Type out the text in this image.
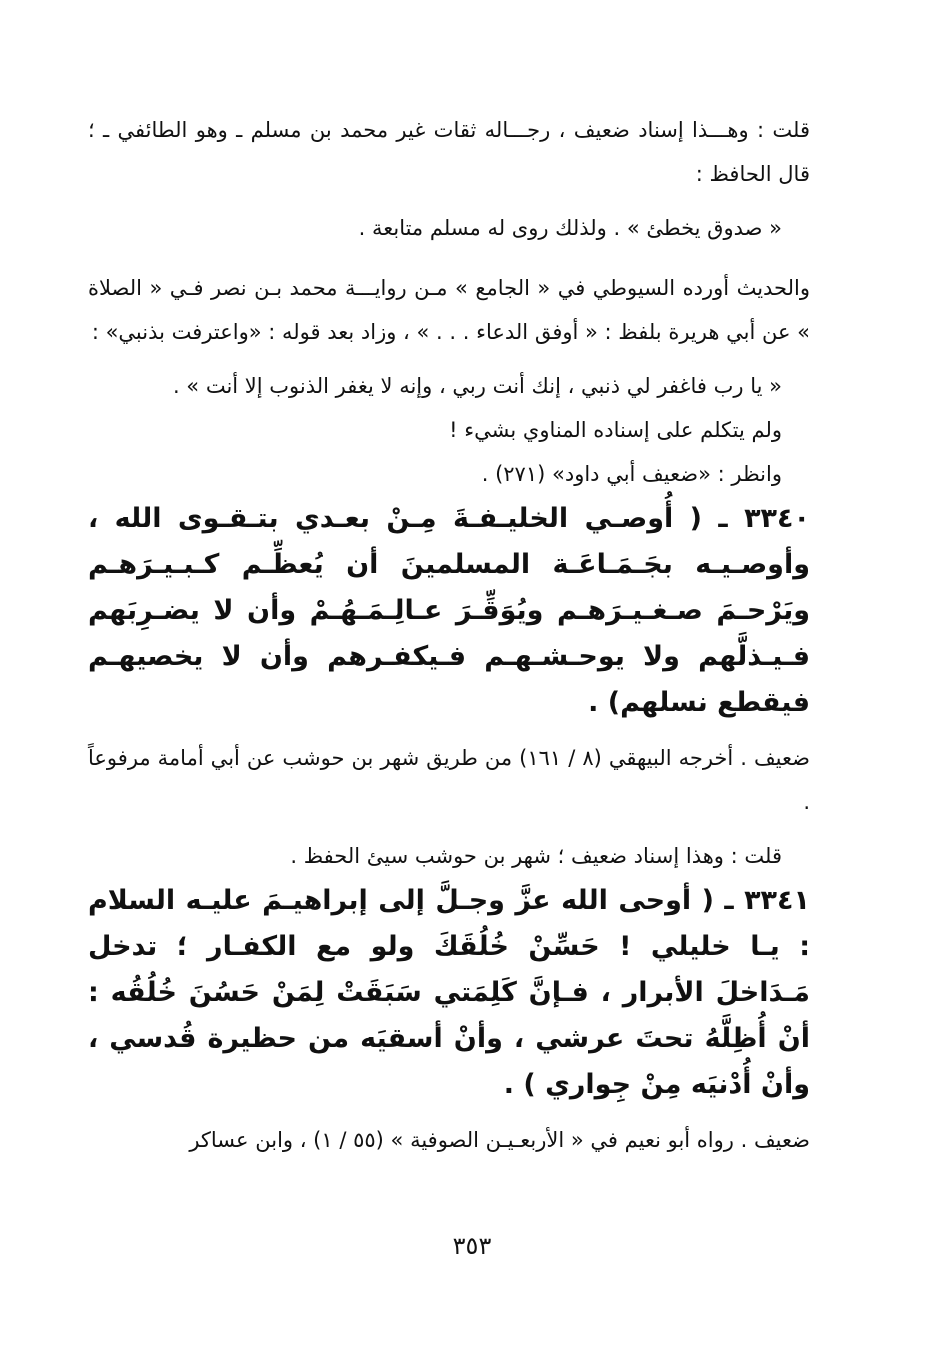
قلت : وهـــذا إسناد ضعيف ، رجـــاله ثقات غير محمد بن مسلم ـ وهو الطائفي ـ ؛ قال الحافظ :

« صدوق يخطئ » . ولذلك روى له مسلم متابعة .

والحديث أورده السيوطي في « الجامع » مـن روايـــة محمد بـن نصر فـي « الصلاة » عن أبي هريرة بلفظ : « أوفق الدعاء . . . » ، وزاد بعد قوله : «واعترفت بذنبي» :

« يا رب فاغفر لي ذنبي ، إنك أنت ربي ، وإنه لا يغفر الذنوب إلا أنت » .

ولم يتكلم على إسناده المناوي بشيء !

وانظر : «ضعيف أبي داود» (٢٧١) .

٣٣٤٠ ـ ( أُوصـي الخليـفـةَ مِـنْ بعـدي بتـقـوى الله ، وأوصـيـه بجَـمَـاعَـة المسلمينَ أن يُعظِّـم كـبـيـرَهـم ويَرْحـمَ صـغـيـرَهـم ويُوَقِّـرَ عـالِـمَـهُـمْ وأن لا يضـرِبَهم فـيـذلَّهم ولا يوحـشـهـم فـيكفـرهم وأن لا يخصيهـم فيقطع نسلهم) .

ضعيف . أخرجه البيهقي (٨ / ١٦١) من طريق شهر بن حوشب عن أبي أمامة مرفوعاً .

قلت : وهذا إسناد ضعيف ؛ شهر بن حوشب سيئ الحفظ .

٣٣٤١ ـ ( أوحى الله عزَّ وجـلَّ إلى إبراهيـمَ عليـه السلام : يـا خليلي ! حَسِّنْ خُلُقَكَ ولو مع الكفـار ؛ تدخل مَـدَاخلَ الأبرار ، فـإنَّ كَلِمَتي سَبَقَتْ لِمَنْ حَسُنَ خُلُقُه : أنْ أُظِلَّهُ تحتَ عرشي ، وأنْ أسقيَه من حظيرة قُدسي ، وأنْ أُدْنيَه مِنْ جِواري ) .

ضعيف . رواه أبو نعيم في « الأربعـيـن الصوفية » (٥٥ / ١) ، وابن عساكر

٣٥٣
